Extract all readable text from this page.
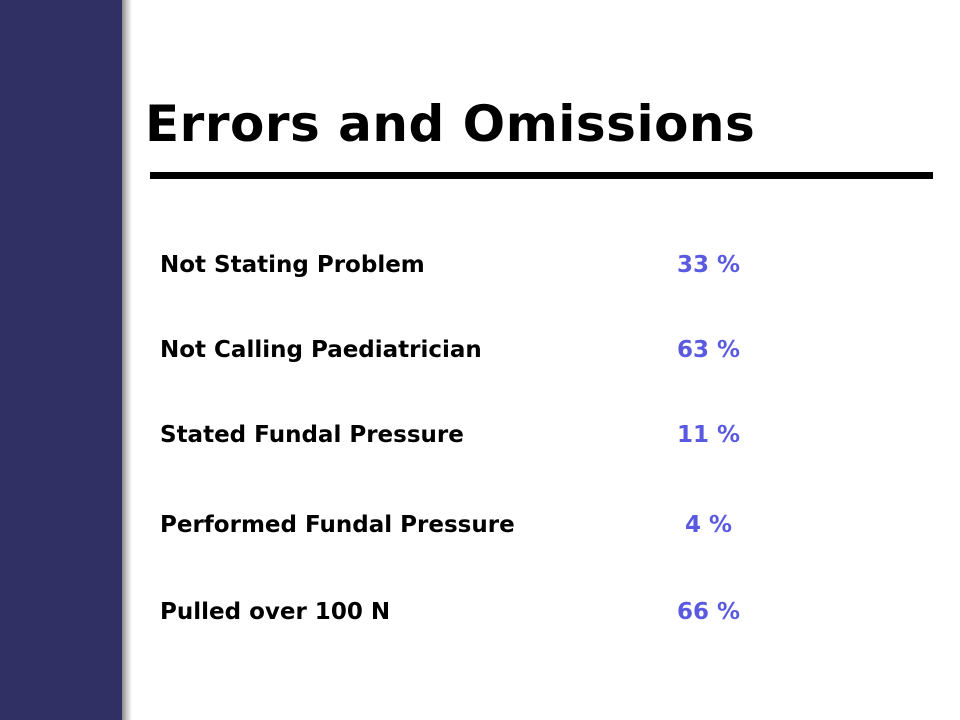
Errors and Omissions
Not Stating Problem	33 %
Not Calling Paediatrician	63 %
Stated Fundal Pressure	11 %
Performed Fundal Pressure	4 %
Pulled over 100 N	66 %
